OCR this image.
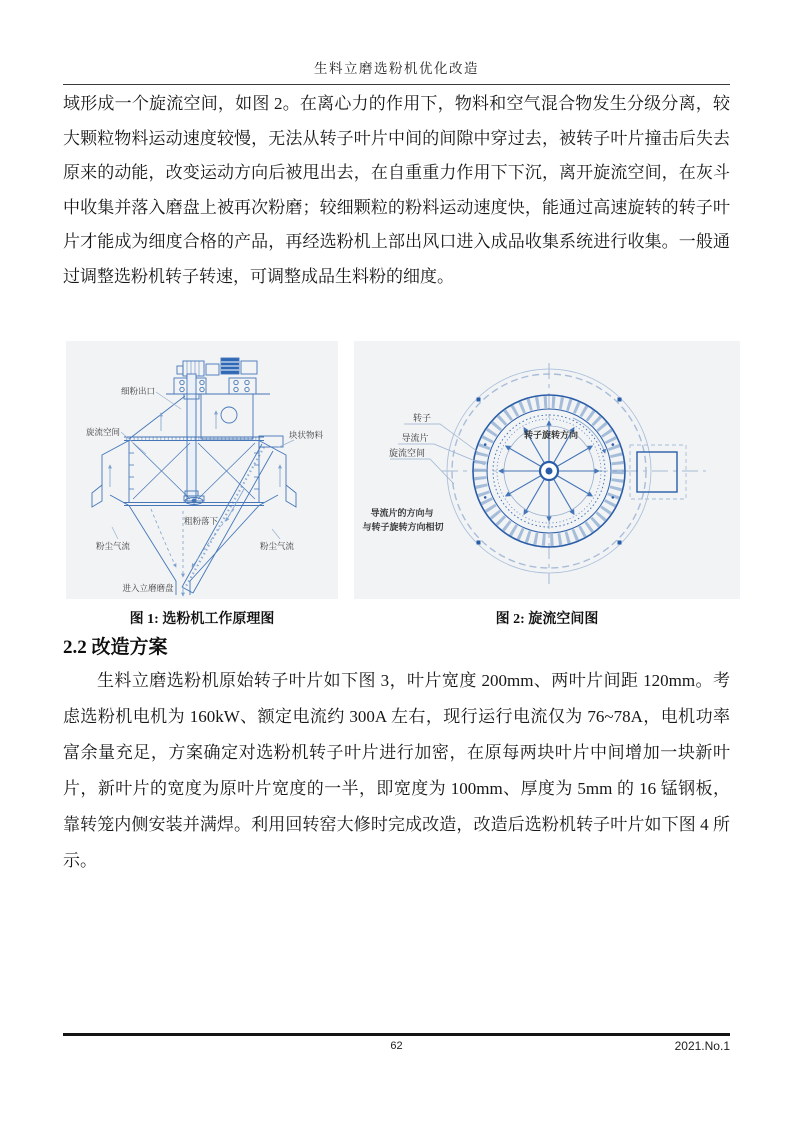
生料立磨选粉机优化改造
域形成一个旋流空间，如图 2。在离心力的作用下，物料和空气混合物发生分级分离，较大颗粒物料运动速度较慢，无法从转子叶片中间的间隙中穿过去，被转子叶片撞击后失去原来的动能，改变运动方向后被甩出去，在自重重力作用下下沉，离开旋流空间，在灰斗中收集并落入磨盘上被再次粉磨；较细颗粒的粉料运动速度快，能通过高速旋转的转子叶片才能成为细度合格的产品，再经选粉机上部出风口进入成品收集系统进行收集。一般通过调整选粉机转子转速，可调整成品生料粉的细度。
细粉出口
旋流空间	块状物料
粗粉落下
粉尘气流	粉尘气流
进入立磨磨盘
转子
导流片
旋流空间
转子旋转方向
导流片的方向与
与转子旋转方向相切
图 1: 选粉机工作原理图	图 2: 旋流空间图
2.2 改造方案
生料立磨选粉机原始转子叶片如下图 3，叶片宽度 200mm、两叶片间距 120mm。考虑选粉机电机为 160kW、额定电流约 300A 左右，现行运行电流仅为 76~78A，电机功率富余量充足，方案确定对选粉机转子叶片进行加密，在原每两块叶片中间增加一块新叶片，新叶片的宽度为原叶片宽度的一半，即宽度为 100mm、厚度为 5mm 的 16 锰钢板，靠转笼内侧安装并满焊。利用回转窑大修时完成改造，改造后选粉机转子叶片如下图 4 所示。
62	2021.No.1
